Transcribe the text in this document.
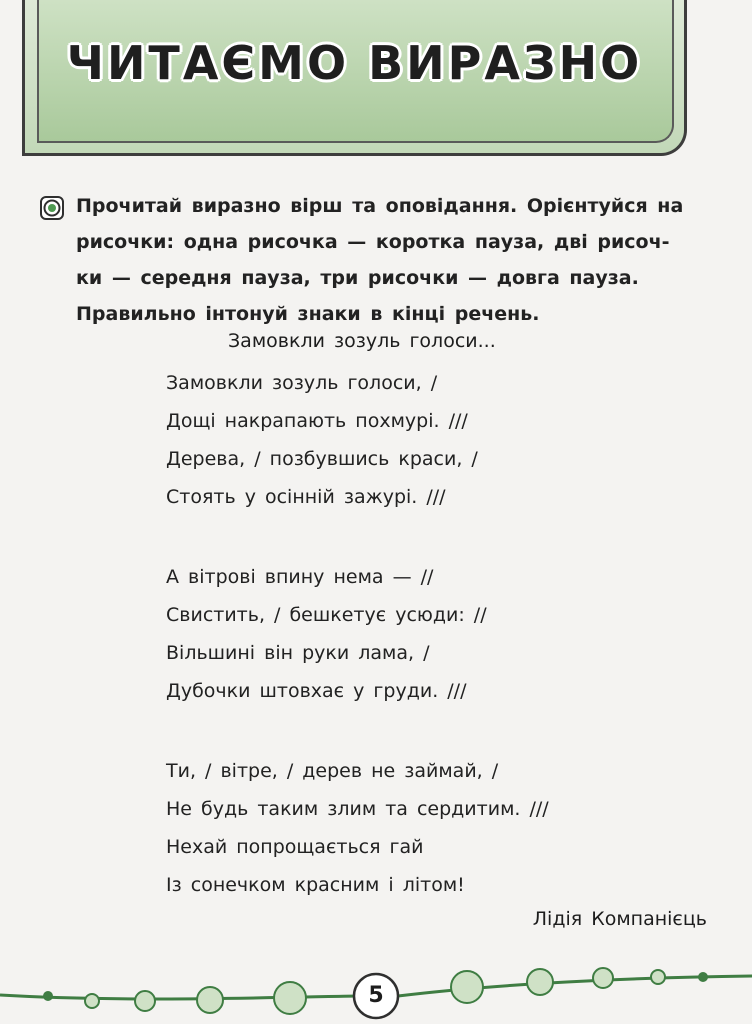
ЧИТАЄМО ВИРАЗНО
Прочитай виразно вірш та оповідання. Орієнтуйся на
рисочки: одна рисочка — коротка пауза, дві рисоч-
ки — середня пауза, три рисочки — довга пауза.
Правильно інтонуй знаки в кінці речень.
Замовкли зозуль голоси...
Замовкли зозуль голоси, /
Дощі накрапають похмурі. ///
Дерева, / позбувшись краси, /
Стоять у осінній зажурі. ///
А вітрові впину нема — //
Свистить, / бешкетує усюди: //
Вільшині він руки лама, /
Дубочки штовхає у груди. ///
Ти, / вітре, / дерев не займай, /
Не будь таким злим та сердитим. ///
Нехай попрощається гай
Із сонечком красним і літом!
Лідія Компанієць
5
